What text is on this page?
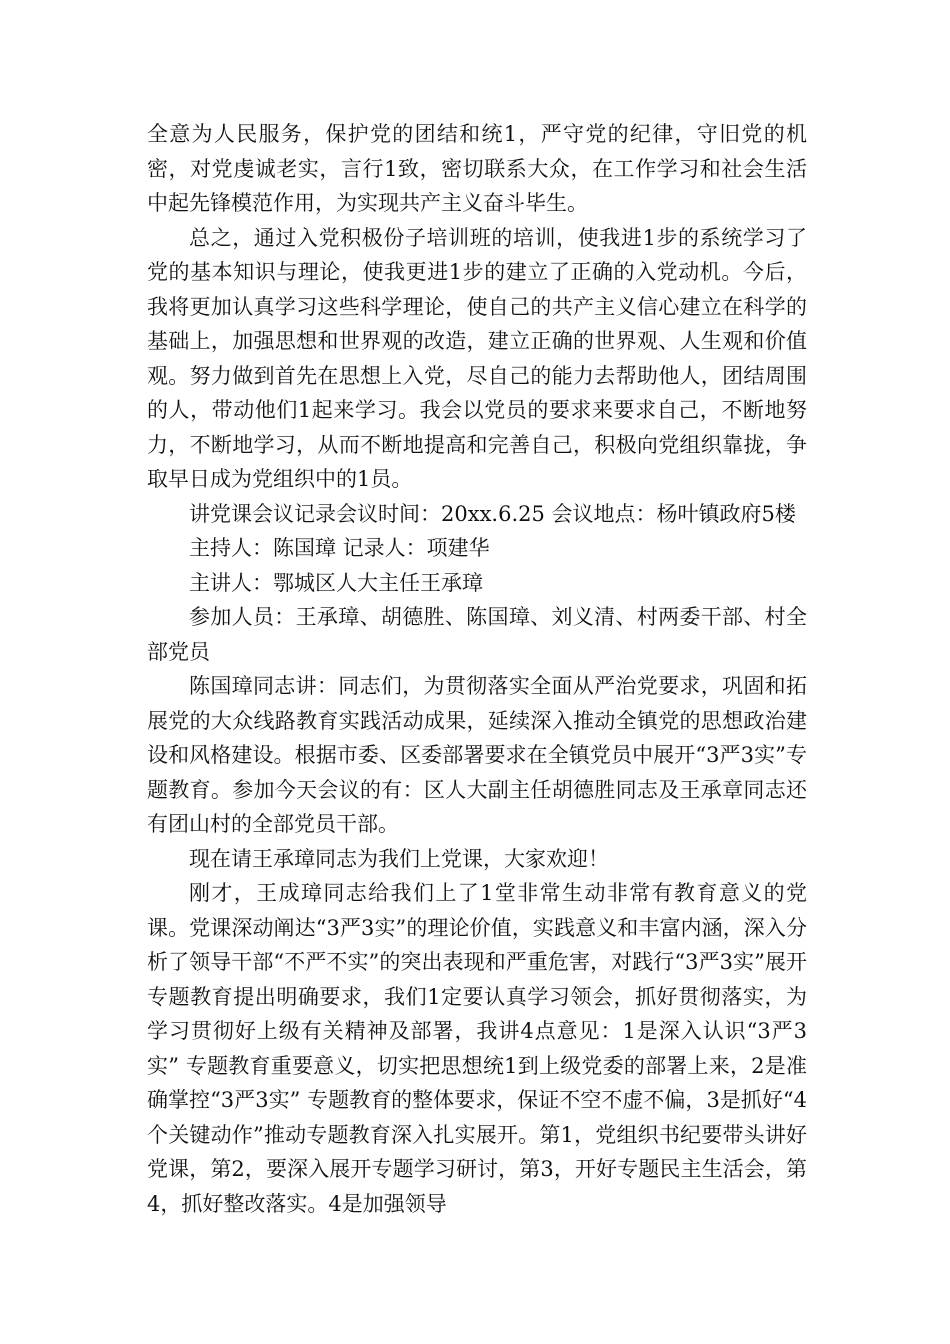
全意为人民服务，保护党的团结和统1，严守党的纪律，守旧党的机密，对党虔诚老实，言行1致，密切联系大众，在工作学习和社会生活中起先锋模范作用，为实现共产主义奋斗毕生。

总之，通过入党积极份子培训班的培训，使我进1步的系统学习了党的基本知识与理论，使我更进1步的建立了正确的入党动机。今后，我将更加认真学习这些科学理论，使自己的共产主义信心建立在科学的基础上，加强思想和世界观的改造，建立正确的世界观、人生观和价值观。努力做到首先在思想上入党，尽自己的能力去帮助他人，团结周围的人，带动他们1起来学习。我会以党员的要求来要求自己，不断地努力，不断地学习，从而不断地提高和完善自己，积极向党组织靠拢，争取早日成为党组织中的1员。

讲党课会议记录会议时间：20xx.6.25 会议地点：杨叶镇政府5楼

主持人：陈国璋 记录人：项建华

主讲人：鄂城区人大主任王承璋

参加人员：王承璋、胡德胜、陈国璋、刘义清、村两委干部、村全部党员

陈国璋同志讲：同志们，为贯彻落实全面从严治党要求，巩固和拓展党的大众线路教育实践活动成果，延续深入推动全镇党的思想政治建设和风格建设。根据市委、区委部署要求在全镇党员中展开“3严3实”专题教育。参加今天会议的有：区人大副主任胡德胜同志及王承章同志还有团山村的全部党员干部。

现在请王承璋同志为我们上党课，大家欢迎！

刚才，王成璋同志给我们上了1堂非常生动非常有教育意义的党课。党课深动阐达“3严3实”的理论价值，实践意义和丰富内涵，深入分析了领导干部“不严不实”的突出表现和严重危害，对践行“3严3实”展开专题教育提出明确要求，我们1定要认真学习领会，抓好贯彻落实，为学习贯彻好上级有关精神及部署，我讲4点意见：1是深入认识“3严3实” 专题教育重要意义，切实把思想统1到上级党委的部署上来，2是准确掌控“3严3实” 专题教育的整体要求，保证不空不虚不偏，3是抓好“4个关键动作”推动专题教育深入扎实展开。第1，党组织书纪要带头讲好党课，第2，要深入展开专题学习研讨，第3，开好专题民主生活会，第4，抓好整改落实。4是加强领导
